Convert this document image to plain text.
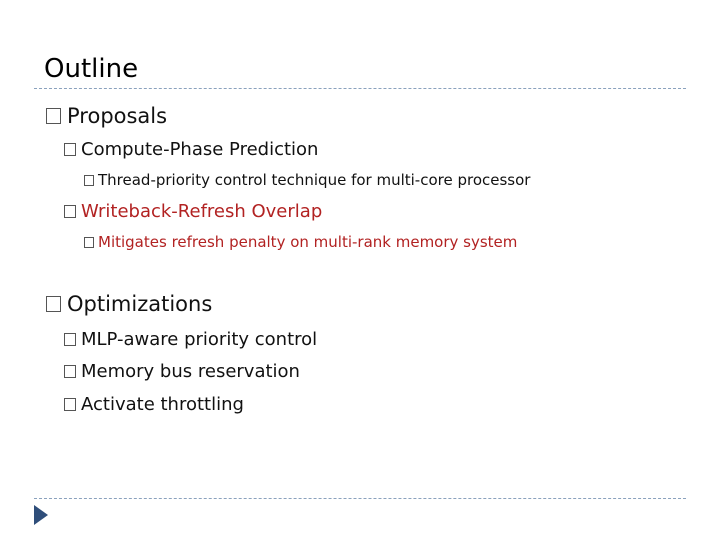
Outline
Proposals
Compute-Phase Prediction
Thread-priority control technique for multi-core processor
Writeback-Refresh Overlap
Mitigates refresh penalty on multi-rank memory system
Optimizations
MLP-aware priority control
Memory bus reservation
Activate throttling
